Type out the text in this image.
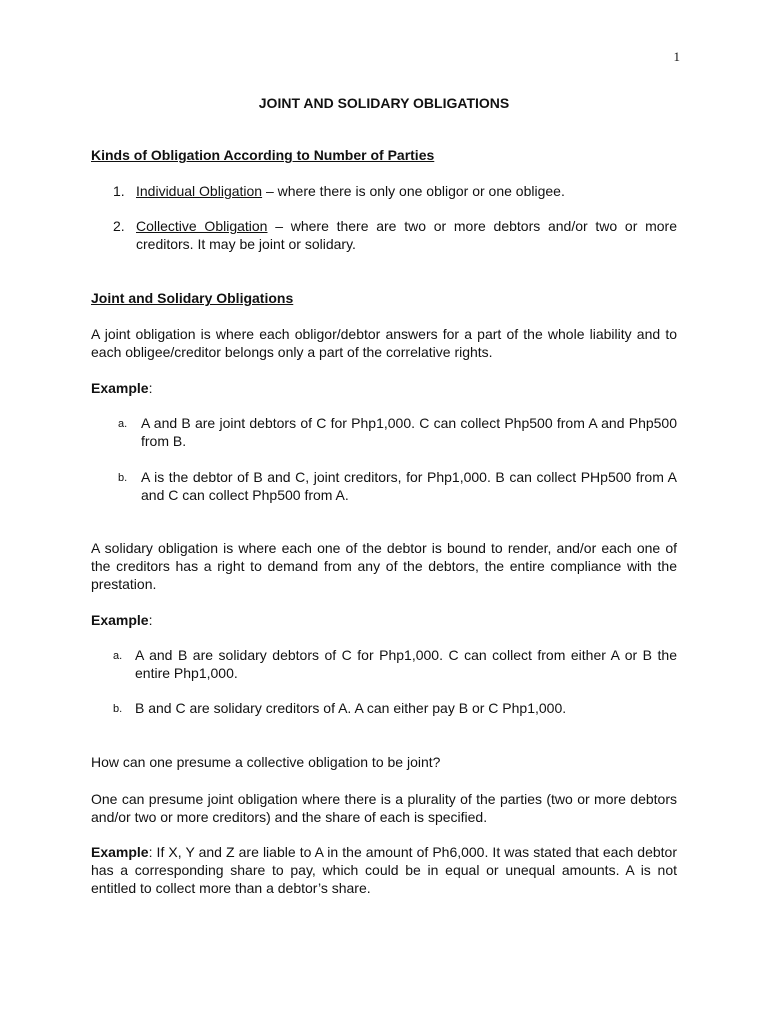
1
JOINT AND SOLIDARY OBLIGATIONS
Kinds of Obligation According to Number of Parties
1. Individual Obligation – where there is only one obligor or one obligee.
2. Collective Obligation – where there are two or more debtors and/or two or more creditors. It may be joint or solidary.
Joint and Solidary Obligations
A joint obligation is where each obligor/debtor answers for a part of the whole liability and to each obligee/creditor belongs only a part of the correlative rights.
Example:
a. A and B are joint debtors of C for Php1,000. C can collect Php500 from A and Php500 from B.
b. A is the debtor of B and C, joint creditors, for Php1,000. B can collect PHp500 from A and C can collect Php500 from A.
A solidary obligation is where each one of the debtor is bound to render, and/or each one of the creditors has a right to demand from any of the debtors, the entire compliance with the prestation.
Example:
a. A and B are solidary debtors of C for Php1,000. C can collect from either A or B the entire Php1,000.
b. B and C are solidary creditors of A. A can either pay B or C Php1,000.
How can one presume a collective obligation to be joint?
One can presume joint obligation where there is a plurality of the parties (two or more debtors and/or two or more creditors) and the share of each is specified.
Example: If X, Y and Z are liable to A in the amount of Ph6,000. It was stated that each debtor has a corresponding share to pay, which could be in equal or unequal amounts. A is not entitled to collect more than a debtor’s share.
